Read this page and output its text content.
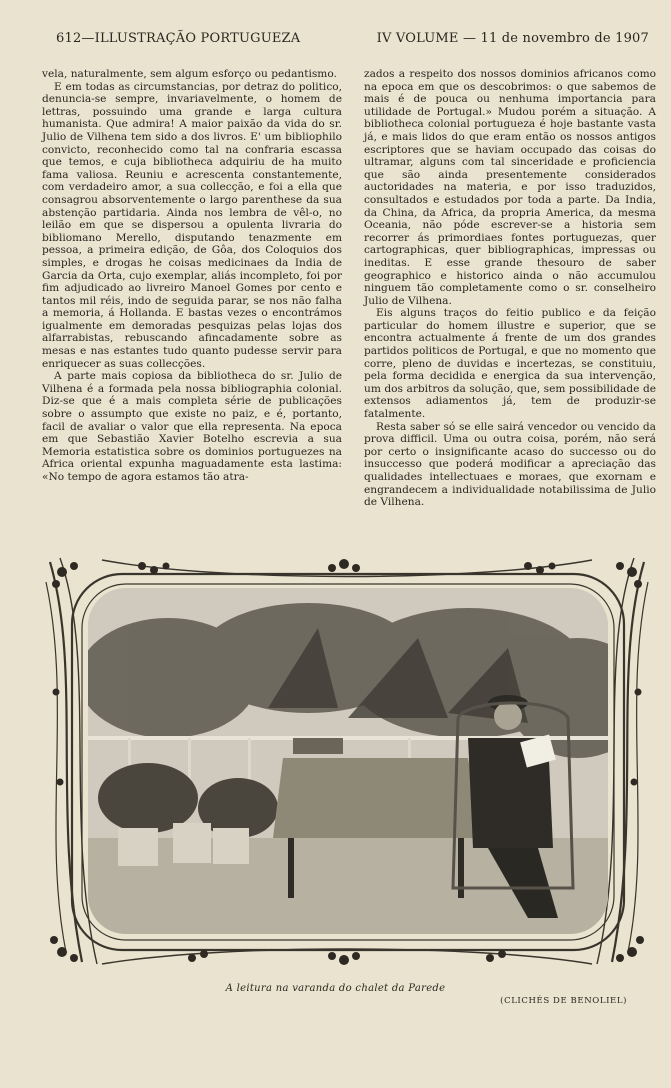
612—ILLUSTRAÇÃO PORTUGUEZA	IV VOLUME — 11 de novembro de 1907

vela, naturalmente, sem algum esforço ou pedantismo.

E em todas as circumstancias, por detraz do politico, denuncia-se sempre, invariavelmente, o homem de lettras, possuindo uma grande e larga cultura humanista. Que admira! A maior paixão da vida do sr. Julio de Vilhena tem sido a dos livros. E' um bibliophilo convicto, reconhecido como tal na confraria escassa que temos, e cuja bibliotheca adquiriu de ha muito fama valiosa. Reuniu e acrescenta constantemente, com verdadeiro amor, a sua collecção, e foi a ella que consagrou absorventemente o largo parenthese da sua abstenção partidaria. Ainda nos lembra de vêl-o, no leilão em que se dispersou a opulenta livraria do bibliomano Merello, disputando tenazmente em pessoa, a primeira edição, de Gôa, dos Coloquios dos simples, e drogas he coisas medicinaes da India de Garcia da Orta, cujo exemplar, aliás incompleto, foi por fim adjudicado ao livreiro Manoel Gomes por cento e tantos mil réis, indo de seguida parar, se nos não falha a memoria, á Hollanda. E bastas vezes o encontrámos igualmente em demoradas pesquizas pelas lojas dos alfarrabistas, rebuscando afincadamente sobre as mesas e nas estantes tudo quanto pudesse servir para enriquecer as suas collecções.

A parte mais copiosa da bibliotheca do sr. Julio de Vilhena é a formada pela nossa bibliographia colonial. Diz-se que é a mais completa série de publicações sobre o assumpto que existe no paiz, e é, portanto, facil de avaliar o valor que ella representa. Na epoca em que Sebastião Xavier Botelho escrevia a sua Memoria estatistica sobre os dominios portuguezes na Africa oriental expunha maguadamente esta lastima: «No tempo de agora estamos tão atra-

zados a respeito dos nossos dominios africanos como na epoca em que os descobrimos: o que sabemos de mais é de pouca ou nenhuma importancia para utilidade de Portugal.» Mudou porém a situação. A bibliotheca colonial portugueza é hoje bastante vasta já, e mais lidos do que eram então os nossos antigos escriptores que se haviam occupado das coisas do ultramar, alguns com tal sinceridade e proficiencia que são ainda presentemente considerados auctoridades na materia, e por isso traduzidos, consultados e estudados por toda a parte. Da India, da China, da Africa, da propria America, da mesma Oceania, não póde escrever-se a historia sem recorrer ás primordiaes fontes portuguezas, quer cartographicas, quer bibliographicas, impressas ou ineditas. E esse grande thesouro de saber geographico e historico ainda o não accumulou ninguem tão completamente como o sr. conselheiro Julio de Vilhena.

Eis alguns traços do feitio publico e da feição particular do homem illustre e superior, que se encontra actualmente á frente de um dos grandes partidos politicos de Portugal, e que no momento que corre, pleno de duvidas e incertezas, se constituiu, pela forma decidida e energica da sua intervenção, um dos arbitros da solução, que, sem possibilidade de extensos adiamentos já, tem de produzir-se fatalmente.

Resta saber só se elle sairá vencedor ou vencido da prova difficil. Uma ou outra coisa, porém, não será por certo o insignificante acaso do successo ou do insuccesso que poderá modificar a apreciação das qualidades intellectuaes e moraes, que exornam e engrandecem a individualidade notabilissima de Julio de Vilhena.

A leitura na varanda do chalet da Parede
(CLICHÉS DE BENOLIEL)
